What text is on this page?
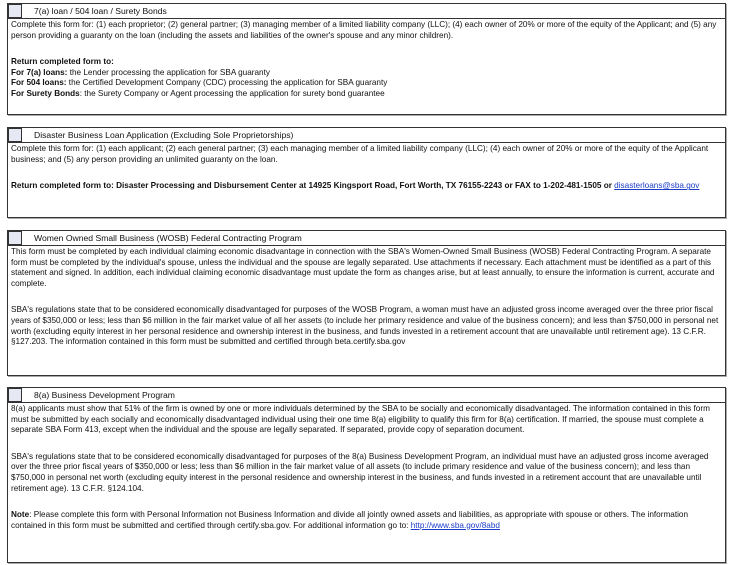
7(a) loan / 504 loan / Surety Bonds

Complete this form for: (1) each proprietor; (2) general partner; (3) managing member of a limited liability company (LLC); (4) each owner of 20% or more of the equity of the Applicant; and (5) any person providing a guaranty on the loan (including the assets and liabilities of the owner's spouse and any minor children).

Return completed form to:

For 7(a) loans: the Lender processing the application for SBA guaranty

For 504 loans: the Certified Development Company (CDC) processing the application for SBA guaranty

For Surety Bonds: the Surety Company or Agent processing the application for surety bond guarantee

Disaster Business Loan Application (Excluding Sole Proprietorships)

Complete this form for: (1) each applicant; (2) each general partner; (3) each managing member of a limited liability company (LLC); (4) each owner of 20% or more of the equity of the Applicant business; and (5) any person providing an unlimited guaranty on the loan.

Return completed form to: Disaster Processing and Disbursement Center at 14925 Kingsport Road, Fort Worth, TX 76155-2243 or FAX to 1-202-481-1505 or disasterloans@sba.gov

Women Owned Small Business (WOSB) Federal Contracting Program

This form must be completed by each individual claiming economic disadvantage in connection with the SBA's Women-Owned Small Business (WOSB) Federal Contracting Program. A separate form must be completed by the individual's spouse, unless the individual and the spouse are legally separated. Use attachments if necessary. Each attachment must be identified as a part of this statement and signed. In addition, each individual claiming economic disadvantage must update the form as changes arise, but at least annually, to ensure the information is current, accurate and complete.

SBA's regulations state that to be considered economically disadvantaged for purposes of the WOSB Program, a woman must have an adjusted gross income averaged over the three prior fiscal years of $350,000 or less; less than $6 million in the fair market value of all her assets (to include her primary residence and value of the business concern); and less than $750,000 in personal net worth (excluding equity interest in her personal residence and ownership interest in the business, and funds invested in a retirement account that are unavailable until retirement age). 13 C.F.R. §127.203. The information contained in this form must be submitted and certified through beta.certify.sba.gov

8(a) Business Development Program

8(a) applicants must show that 51% of the firm is owned by one or more individuals determined by the SBA to be socially and economically disadvantaged. The information contained in this form must be submitted by each socially and economically disadvantaged individual using their one time 8(a) eligibility to qualify this firm for 8(a) certification. If married, the spouse must complete a separate SBA Form 413, except when the individual and the spouse are legally separated. If separated, provide copy of separation document.

SBA's regulations state that to be considered economically disadvantaged for purposes of the 8(a) Business Development Program, an individual must have an adjusted gross income averaged over the three prior fiscal years of $350,000 or less; less than $6 million in the fair market value of all assets (to include primary residence and value of the business concern); and less than $750,000 in personal net worth (excluding equity interest in the personal residence and ownership interest in the business, and funds invested in a retirement account that are unavailable until retirement age). 13 C.F.R. §124.104.

Note: Please complete this form with Personal Information not Business Information and divide all jointly owned assets and liabilities, as appropriate with spouse or others. The information contained in this form must be submitted and certified through certify.sba.gov. For additional information go to: http://www.sba.gov/8abd
